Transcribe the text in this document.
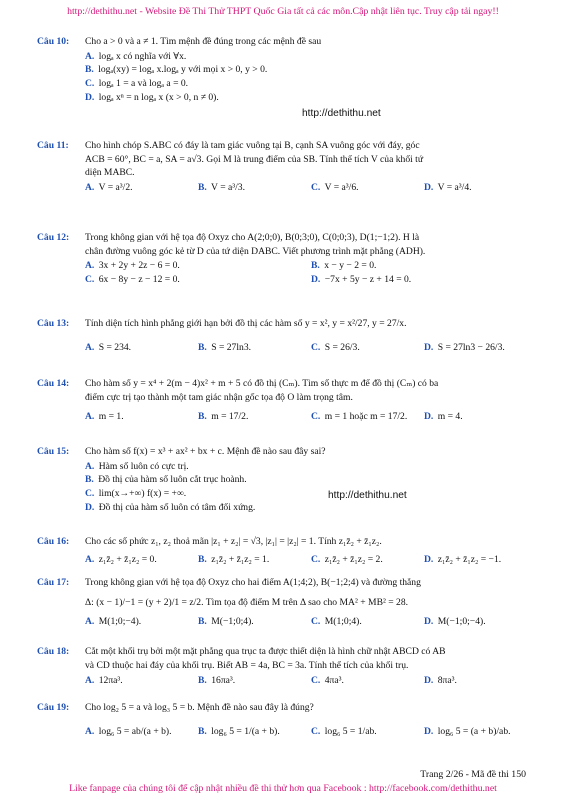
http://dethithu.net - Website Đề Thi Thử THPT Quốc Gia tất cả các môn.Cập nhật liên tục. Truy cập tải ngay!!
http://dethithu.net
http://dethithu.net
Câu 10: Cho a > 0 và a ≠ 1. Tìm mệnh đề đúng trong các mệnh đề sau

A. logₐ x có nghĩa với ∀x.
B. logₐ(xy) = logₐ x.logₐ y với mọi x > 0, y > 0.
C. logₐ 1 = a và logₐ a = 0.
D. logₐ xⁿ = n logₐ x (x > 0, n ≠ 0).
Câu 11: Cho hình chóp S.ABC có đáy là tam giác vuông tại B, cạnh SA vuông góc với đáy, góc

ACB = 60°, BC = a, SA = a√3. Gọi M là trung điểm của SB. Tính thể tích V của khối tứ

diện MABC.

A. V = a³/2.	B. V = a³/3.	C. V = a³/6.	D. V = a³/4.
Câu 12: Trong không gian với hệ tọa độ Oxyz cho A(2;0;0), B(0;3;0), C(0;0;3), D(1;−1;2). H là

chân đường vuông góc kẻ từ D của tứ diện DABC. Viết phương trình mặt phẳng (ADH).

A. 3x + 2y + 2z − 6 = 0.	B. x − y − 2 = 0.
C. 6x − 8y − z − 12 = 0.	D. −7x + 5y − z + 14 = 0.
Câu 13: Tính diện tích hình phẳng giới hạn bởi đồ thị các hàm số y = x², y = x²/27, y = 27/x.

A. S = 234.	B. S = 27ln3.	C. S = 26/3.	D. S = 27ln3 − 26/3.
Câu 14: Cho hàm số y = x⁴ + 2(m − 4)x² + m + 5 có đồ thị (Cₘ). Tìm số thực m để đồ thị (Cₘ) có ba

điểm cực trị tạo thành một tam giác nhận gốc tọa độ O làm trọng tâm.

A. m = 1.	B. m = 17/2.	C. m = 1 hoặc m = 17/2.	D. m = 4.
Câu 15: Cho hàm số f(x) = x³ + ax² + bx + c. Mệnh đề nào sau đây sai?

A. Hàm số luôn có cực trị.
B. Đồ thị của hàm số luôn cắt trục hoành.
C. lim(x→+∞) f(x) = +∞.
D. Đồ thị của hàm số luôn có tâm đối xứng.
Câu 16: Cho các số phức z₁, z₂ thoả mãn |z₁ + z₂| = √3, |z₁| = |z₂| = 1. Tính z₁z̄₂ + z̄₁z₂.

A. z₁z̄₂ + z̄₁z₂ = 0.	B. z₁z̄₂ + z̄₁z₂ = 1.	C. z₁z̄₂ + z̄₁z₂ = 2.	D. z₁z̄₂ + z̄₁z₂ = −1.
Câu 17: Trong không gian với hệ tọa độ Oxyz cho hai điểm A(1;4;2), B(−1;2;4) và đường thẳng

Δ: (x − 1)/−1 = (y + 2)/1 = z/2. Tìm tọa độ điểm M trên Δ sao cho MA² + MB² = 28.

A. M(1;0;−4).	B. M(−1;0;4).	C. M(1;0;4).	D. M(−1;0;−4).
Câu 18: Cắt một khối trụ bởi một mặt phẳng qua trục ta được thiết diện là hình chữ nhật ABCD có AB

và CD thuộc hai đáy của khối trụ. Biết AB = 4a, BC = 3a. Tính thể tích của khối trụ.

A. 12πa³.	B. 16πa³.	C. 4πa³.	D. 8πa³.
Câu 19: Cho log₂ 5 = a và log₃ 5 = b. Mệnh đề nào sau đây là đúng?

A. log₆ 5 = ab/(a + b).	B. log₆ 5 = 1/(a + b).	C. log₆ 5 = 1/ab.	D. log₆ 5 = (a + b)/ab.
Trang 2/26 - Mã đề thi 150
Like fanpage của chúng tôi để cập nhật nhiều đề thi thử hơn qua Facebook : http://facebook.com/dethithu.net
